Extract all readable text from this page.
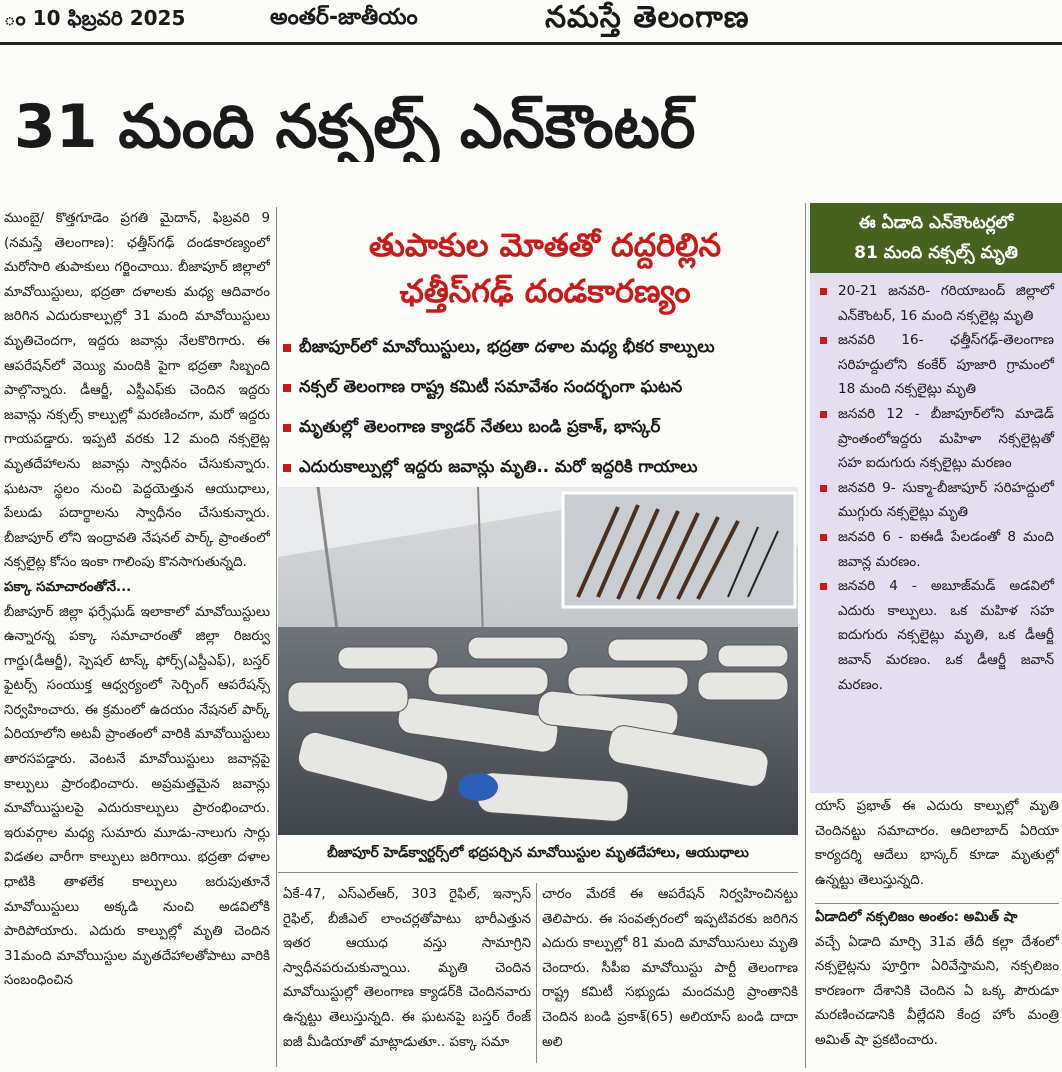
ం 10 ఫిబ్రవరి 2025	అంతర్-జాతీయం	నమస్తే తెలంగాణ
31 మంది నక్సల్స్ ఎన్‌కౌంటర్

ముంబై/ కొత్తగూడెం ప్రగతి మైదాన్, ఫిబ్రవరి 9 (నమస్తే తెలంగాణ): ఛత్తీస్‌గఢ్ దండకారణ్యంలో మరోసారి తుపాకులు గర్జించాయి. బీజాపూర్ జిల్లాలో మావోయిస్టులు, భద్రతా దళాలకు మధ్య ఆదివారం జరిగిన ఎదురుకాల్పుల్లో 31 మంది మావోయిస్టులు మృతిచెందగా, ఇద్దరు జవాన్లు నేలకొరిగారు. ఈ ఆపరేషన్‌లో వెయ్యి మందికి పైగా భద్రతా సిబ్బంది పాల్గొన్నారు. డీఆర్జీ, ఎస్టీఎఫ్‌కు చెందిన ఇద్దరు జవాన్లు నక్సల్స్ కాల్పుల్లో మరణించగా, మరో ఇద్దరు గాయపడ్డారు. ఇప్పటి వరకు 12 మంది నక్సలైట్ల మృతదేహాలను జవాన్లు స్వాధీనం చేసుకున్నారు. ఘటనా స్థలం నుంచి పెద్దయెత్తున ఆయుధాలు, పేలుడు పదార్థాలను స్వాధీనం చేసుకున్నారు. బీజాపూర్ లోని ఇంద్రావతి నేషనల్ పార్క్ ప్రాంతంలో నక్సలైట్ల కోసం ఇంకా గాలింపు కొనసాగుతున్నది.

పక్కా సమాచారంతోనే...

బీజాపూర్ జిల్లా ఫర్సేఘడ్ ఇలాకాలో మావోయిస్టులు ఉన్నారన్న పక్కా సమాచారంతో జిల్లా రిజర్వు గార్డు(డీఆర్జీ), స్పెషల్ టాస్క్ ఫోర్స్(ఎస్టీఎఫ్), బస్తర్ ఫైటర్స్ సంయుక్త ఆధ్వర్యంలో సెర్చింగ్ ఆపరేషన్స్ నిర్వహించారు. ఈ క్రమంలో ఉదయం నేషనల్ పార్క్ ఏరియాలోని అటవీ ప్రాంతంలో వారికి మావోయిస్టులు తారసపడ్డారు. వెంటనే మావోయిస్టులు జవాన్లపై కాల్పులు ప్రారంభించారు. అప్రమత్తమైన జవాన్లు మావోయిస్టులపై ఎదురుకాల్పులు ప్రారంభించారు. ఇరువర్గాల మధ్య సుమారు మూడు-నాలుగు సార్లు విడతల వారీగా కాల్పులు జరిగాయి. భద్రతా దళాల ధాటికి తాళలేక కాల్పులు జరుపుతూనే మావోయిస్టులు అక్కడి నుంచి అడవిలోకి పారిపోయారు. ఎదురు కాల్పుల్లో మృతి చెందిన 31మంది మావోయిస్టుల మృతదేహాలతోపాటు వారికి సంబంధించిన

తుపాకుల మోతతో దద్దరిల్లిన
ఛత్తీస్‌గఢ్ దండకారణ్యం
బీజాపూర్‌లో మావోయిస్టులు, భద్రతా దళాల మధ్య భీకర కాల్పులు
నక్సల్ తెలంగాణ రాష్ట్ర కమిటీ సమావేశం సందర్భంగా ఘటన
మృతుల్లో తెలంగాణ క్యాడర్ నేతలు బండి ప్రకాశ్, భాస్కర్
ఎదురుకాల్పుల్లో ఇద్దరు జవాన్లు మృతి.. మరో ఇద్దరికి గాయాలు
బీజాపూర్ హెడ్‌క్వార్టర్స్‌లో భద్రపర్చిన మావోయిస్టుల మృతదేహాలు, ఆయుధాలు
ఏకే-47, ఎస్ఎల్ఆర్, 303 రైఫిల్, ఇన్సాస్ రైఫిల్, బీజీఎల్ లాంచర్లతోపాటు భారీఎత్తున ఇతర ఆయుధ వస్తు సామాగ్రిని స్వాధీనపరుచుకున్నాయి. మృతి చెందిన మావోయిస్టుల్లో తెలంగాణ క్యాడర్‌కి చెందినవారు ఉన్నట్టు తెలుస్తున్నది. ఈ ఘటనపై బస్తర్ రేంజ్ ఐజీ మీడియాతో మాట్లాడుతూ.. పక్కా సమా
చారం మేరకే ఈ ఆపరేషన్ నిర్వహించినట్టు తెలిపారు. ఈ సంవత్సరంలో ఇప్పటివరకు జరిగిన ఎదురు కాల్పుల్లో 81 మంది మావోయిసులు మృతి చెందారు. సీపీఐ మావోయిస్టు పార్టీ తెలంగాణ రాష్ట్ర కమిటీ సభ్యుడు మందమర్రి ప్రాంతానికి చెందిన బండి ప్రకాశ్(65) అలియాస్ బండి దాదా అలి
ఈ ఏడాది ఎన్‌కౌంటర్లలో
81 మంది నక్సల్స్ మృతి
20-21 జనవరి- గరియాబంద్ జిల్లాలో ఎన్‌కౌంటర్, 16 మంది నక్సలైట్ల మృతి
జనవరి 16- ఛత్తీస్‌గఢ్-తెలంగాణ సరిహద్దులోని కంకేర్ పూజారి గ్రామంలో 18 మంది నక్సలైట్లు మృతి
జనవరి 12 - బీజాపూర్‌లోని మాడెడ్ ప్రాంతంలోఇద్దరు మహిళా నక్సలైట్లతో సహ ఐదుగురు నక్సలైట్లు మరణం
జనవరి 9- సుక్మా-బీజాపూర్ సరిహద్దులో ముగ్గురు నక్సలైట్లు మృతి
జనవరి 6 - ఐఈడీ పేలడంతో 8 మంది జవాన్ల మరణం.
జనవరి 4 - అబూజ్‌మడ్ అడవిలో ఎదురు కాల్పులు. ఒక మహిళ సహ ఐదుగురు నక్సలైట్లు మృతి, ఒక డీఆర్జీ జవాన్ మరణం. ఒక డీఆర్జీ జవాన్ మరణం.
యాస్ ప్రభాత్ ఈ ఎదురు కాల్పుల్లో మృతి చెందినట్టు సమాచారం. ఆదిలాబాద్ ఏరియా కార్యదర్శి ఆదేలు భాస్కర్ కూడా మృతుల్లో ఉన్నట్టు తెలుస్తున్నది.

ఏడాదిలో నక్సలిజం అంతం: అమిత్ షా

వచ్చే ఏడాది మార్చి 31వ తేదీ కల్లా దేశంలో నక్సలైట్లను పూర్తిగా ఏరివేస్తామని, నక్సలిజం కారణంగా దేశానికి చెందిన ఏ ఒక్క పౌరుడూ మరణించడానికి వీల్లేదని కేంద్ర హోం మంత్రి అమిత్ షా ప్రకటించారు.
